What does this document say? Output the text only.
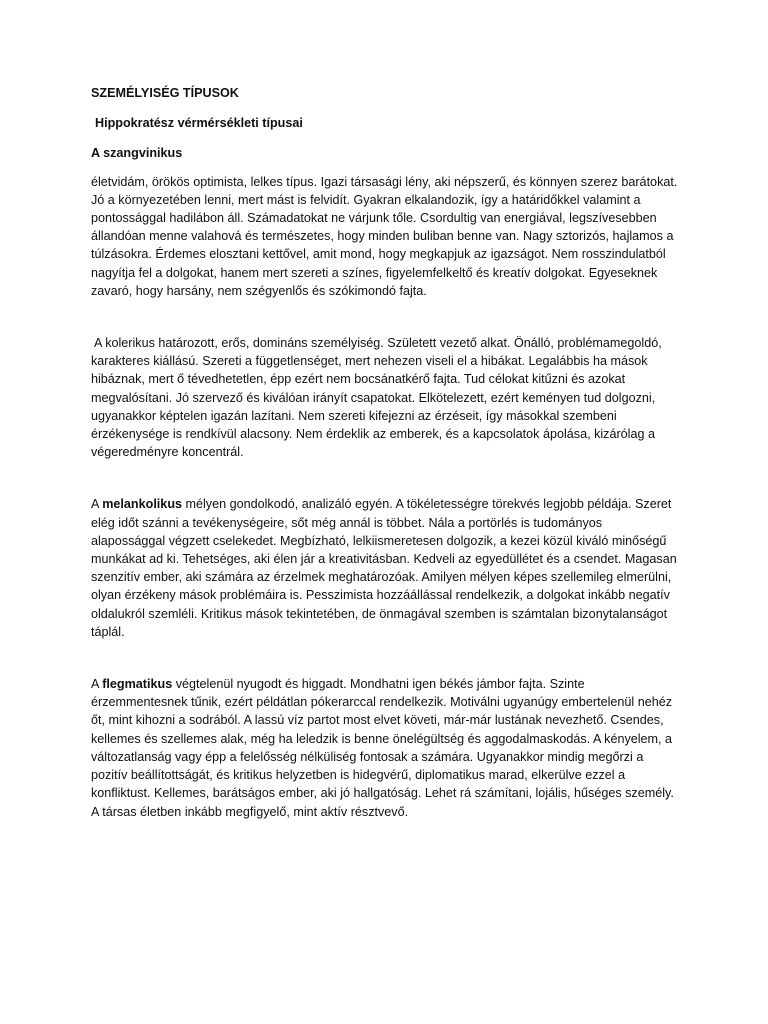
SZEMÉLYISÉG TÍPUSOK
Hippokratész vérmérsékleti típusai
A szangvinikus

életvidám, örökös optimista, lelkes típus. Igazi társasági lény, aki népszerű, és könnyen szerez barátokat. Jó a környezetében lenni, mert mást is felvidít. Gyakran elkalandozik, így a határidőkkel valamint a pontossággal hadilábon áll. Számadatokat ne várjunk tőle. Csordultig van energiával, legszívesebben állandóan menne valahová és természetes, hogy minden buliban benne van. Nagy sztorizós, hajlamos a túlzásokra. Érdemes elosztani kettővel, amit mond, hogy megkapjuk az igazságot. Nem rosszindulatból nagyítja fel a dolgokat, hanem mert szereti a színes, figyelemfelkeltő és kreatív dolgokat. Egyeseknek zavaró, hogy harsány, nem szégyenlős és szókimondó fajta.

A kolerikus határozott, erős, domináns személyiség. Született vezető alkat. Önálló, problémamegoldó, karakteres kiállású. Szereti a függetlenséget, mert nehezen viseli el a hibákat. Legalábbis ha mások hibáznak, mert ő tévedhetetlen, épp ezért nem bocsánatkérő fajta. Tud célokat kitűzni és azokat megvalósítani. Jó szervező és kiválóan irányít csapatokat. Elkötelezett, ezért keményen tud dolgozni, ugyanakkor képtelen igazán lazítani. Nem szereti kifejezni az érzéseit, így másokkal szembeni érzékenysége is rendkívül alacsony. Nem érdeklik az emberek, és a kapcsolatok ápolása, kizárólag a végeredményre koncentrál.

A melankolikus mélyen gondolkodó, analizáló egyén. A tökéletességre törekvés legjobb példája. Szeret elég időt szánni a tevékenységeire, sőt még annál is többet. Nála a portörlés is tudományos alapossággal végzett cselekedet. Megbízható, lelkiismeretesen dolgozik, a kezei közül kiváló minőségű munkákat ad ki. Tehetséges, aki élen jár a kreativitásban. Kedveli az egyedüllétet és a csendet. Magasan szenzitív ember, aki számára az érzelmek meghatározóak. Amilyen mélyen képes szellemileg elmerülni, olyan érzékeny mások problémáira is. Pesszimista hozzáállással rendelkezik, a dolgokat inkább negatív oldalukról szemléli. Kritikus mások tekintetében, de önmagával szemben is számtalan bizonytalanságot táplál.

A flegmatikus végtelenül nyugodt és higgadt. Mondhatni igen békés jámbor fajta. Szinte érzemmentesnek tűnik, ezért példátlan pókerarccal rendelkezik. Motiválni ugyanúgy embertelenül nehéz őt, mint kihozni a sodrából. A lassú víz partot most elvet követi, már-már lustának nevezhető. Csendes, kellemes és szellemes alak, még ha leledzik is benne önelégültség és aggodalmaskodás. A kényelem, a változatlanság vagy épp a felelősség nélküliség fontosak a számára. Ugyanakkor mindig megőrzi a pozitív beállítottságát, és kritikus helyzetben is hidegvérű, diplomatikus marad, elkerülve ezzel a konfliktust. Kellemes, barátságos ember, aki jó hallgatóság. Lehet rá számítani, lojális, hűséges személy. A társas életben inkább megfigyelő, mint aktív résztvevő.
